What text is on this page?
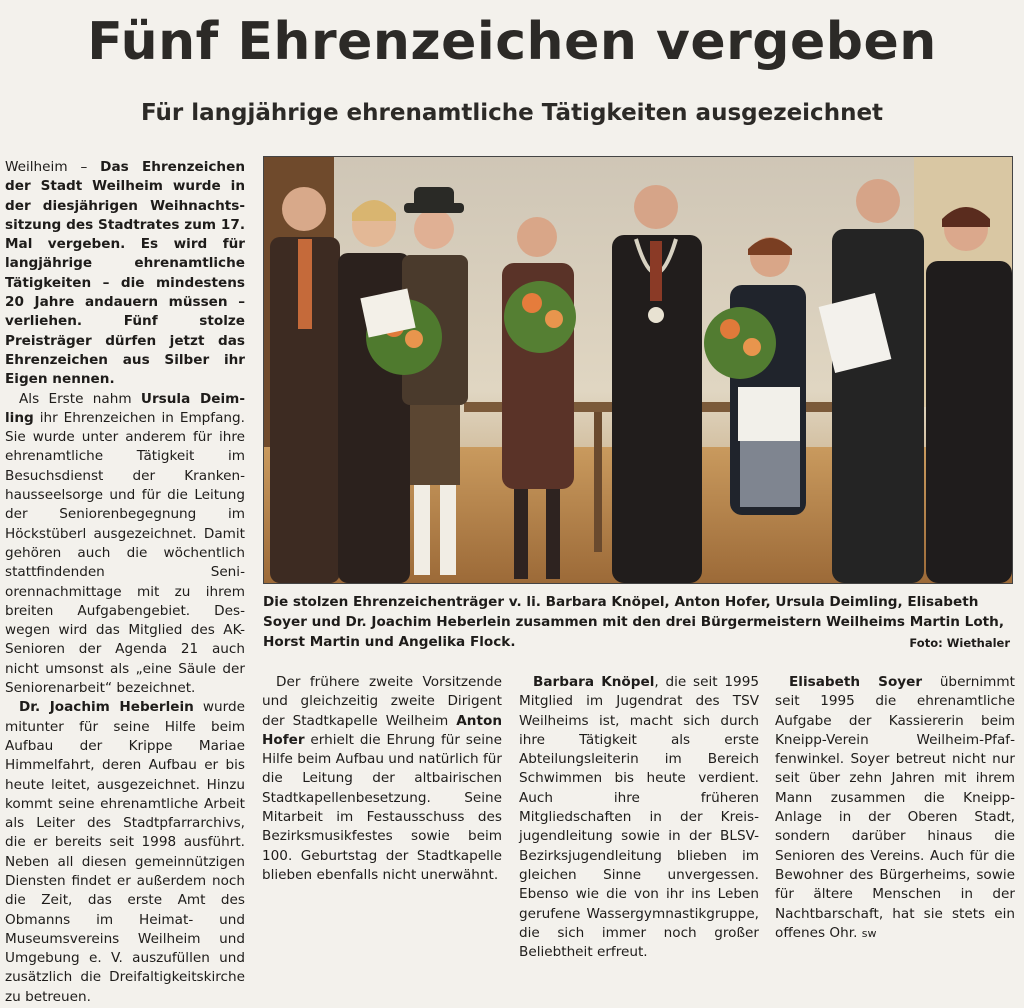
Fünf Ehrenzeichen vergeben
Für langjährige ehrenamtliche Tätigkeiten ausgezeichnet

Die stolzen Ehrenzeichenträger v. li. Barbara Knöpel, Anton Hofer, Ursula Deimling, Elisabeth Soyer und Dr. Joachim Heberlein zusammen mit den drei Bürgermeistern Weilheims Martin Loth, Horst Martin und Angelika Flock.	Foto: Wiethaler

Weilheim – Das Ehrenzeichen der Stadt Weilheim wurde in der diesjährigen Weihnachtssitzung des Stadtrates zum 17. Mal vergeben. Es wird für langjährige ehrenamtliche Tätigkeiten – die mindestens 20 Jahre andauern müssen – verliehen. Fünf stolze Preisträger dürfen jetzt das Ehrenzeichen aus Silber ihr Eigen nennen.

Als Erste nahm Ursula Deimling ihr Ehrenzeichen in Empfang. Sie wurde unter anderem für ihre ehrenamtliche Tätigkeit im Besuchsdienst der Krankenhausseelsorge und für die Leitung der Seniorenbegegnung im Höckstüberl ausgezeichnet. Damit gehören auch die wöchentlich stattfindenden Seniorennachmittage mit zu ihrem breiten Aufgabengebiet. Deswegen wird das Mitglied des AK-Senioren der Agenda 21 auch nicht umsonst als „eine Säule der Seniorenarbeit“ bezeichnet.

Dr. Joachim Heberlein wurde mitunter für seine Hilfe beim Aufbau der Krippe Mariae Himmelfahrt, deren Aufbau er bis heute leitet, ausgezeichnet. Hinzu kommt seine ehrenamtliche Arbeit als Leiter des Stadtpfarrarchivs, die er bereits seit 1998 ausführt. Neben all diesen gemeinnützigen Diensten findet er außerdem noch die Zeit, das erste Amt des Obmanns im Heimat- und Museumsvereins Weilheim und Umgebung e. V. auszufüllen und zusätzlich die Dreifaltigkeitskirche zu betreuen.

Der frühere zweite Vorsitzende und gleichzeitig zweite Dirigent der Stadtkapelle Weilheim Anton Hofer erhielt die Ehrung für seine Hilfe beim Aufbau und natürlich für die Leitung der altbairischen Stadtkapellenbesetzung. Seine Mitarbeit im Festausschuss des Bezirksmusikfestes sowie beim 100. Geburtstag der Stadtkapelle blieben ebenfalls nicht unerwähnt.

Barbara Knöpel, die seit 1995 Mitglied im Jugendrat des TSV Weilheims ist, macht sich durch ihre Tätigkeit als erste Abteilungsleiterin im Bereich Schwimmen bis heute verdient. Auch ihre früheren Mitgliedschaften in der Kreisjugendleitung sowie in der BLSV-Bezirksjugendleitung blieben im gleichen Sinne unvergessen. Ebenso wie die von ihr ins Leben gerufene Wassergymnastikgruppe, die sich immer noch großer Beliebtheit erfreut.

Elisabeth Soyer übernimmt seit 1995 die ehrenamtliche Aufgabe der Kassiererin beim Kneipp-Verein Weilheim-Pfaffenwinkel. Soyer betreut nicht nur seit über zehn Jahren mit ihrem Mann zusammen die Kneipp-Anlage in der Oberen Stadt, sondern darüber hinaus die Senioren des Vereins. Auch für die Bewohner des Bürgerheims, sowie für ältere Menschen in der Nachtbarschaft, hat sie stets ein offenes Ohr. sw
